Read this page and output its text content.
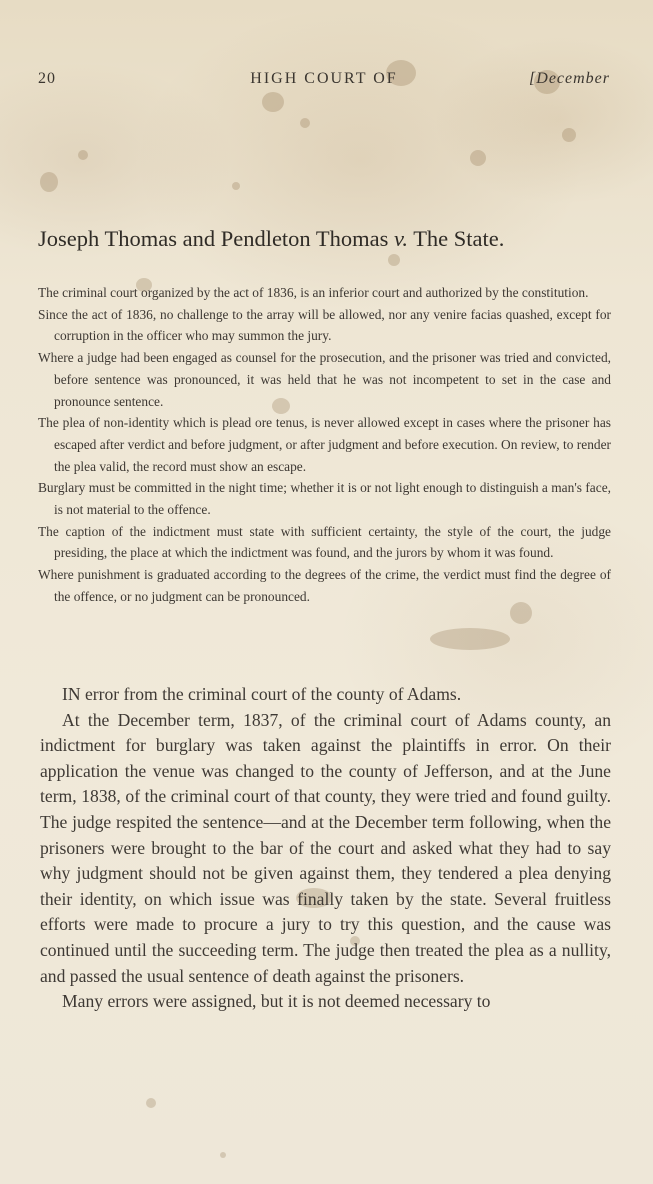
20	HIGH COURT OF	[December
Joseph Thomas and Pendleton Thomas v. The State.

The criminal court organized by the act of 1836, is an inferior court and authorized by the constitution.

Since the act of 1836, no challenge to the array will be allowed, nor any venire facias quashed, except for corruption in the officer who may summon the jury.

Where a judge had been engaged as counsel for the prosecution, and the prisoner was tried and convicted, before sentence was pronounced, it was held that he was not incompetent to set in the case and pronounce sentence.

The plea of non-identity which is plead ore tenus, is never allowed except in cases where the prisoner has escaped after verdict and before judgment, or after judgment and before execution. On review, to render the plea valid, the record must show an escape.

Burglary must be committed in the night time; whether it is or not light enough to distinguish a man's face, is not material to the offence.

The caption of the indictment must state with sufficient certainty, the style of the court, the judge presiding, the place at which the indictment was found, and the jurors by whom it was found.

Where punishment is graduated according to the degrees of the crime, the verdict must find the degree of the offence, or no judgment can be pronounced.

IN error from the criminal court of the county of Adams.

At the December term, 1837, of the criminal court of Adams county, an indictment for burglary was taken against the plaintiffs in error. On their application the venue was changed to the county of Jefferson, and at the June term, 1838, of the criminal court of that county, they were tried and found guilty. The judge respited the sentence—and at the December term following, when the prisoners were brought to the bar of the court and asked what they had to say why judgment should not be given against them, they tendered a plea denying their identity, on which issue was finally taken by the state. Several fruitless efforts were made to procure a jury to try this question, and the cause was continued until the succeeding term. The judge then treated the plea as a nullity, and passed the usual sentence of death against the prisoners.

Many errors were assigned, but it is not deemed necessary to
